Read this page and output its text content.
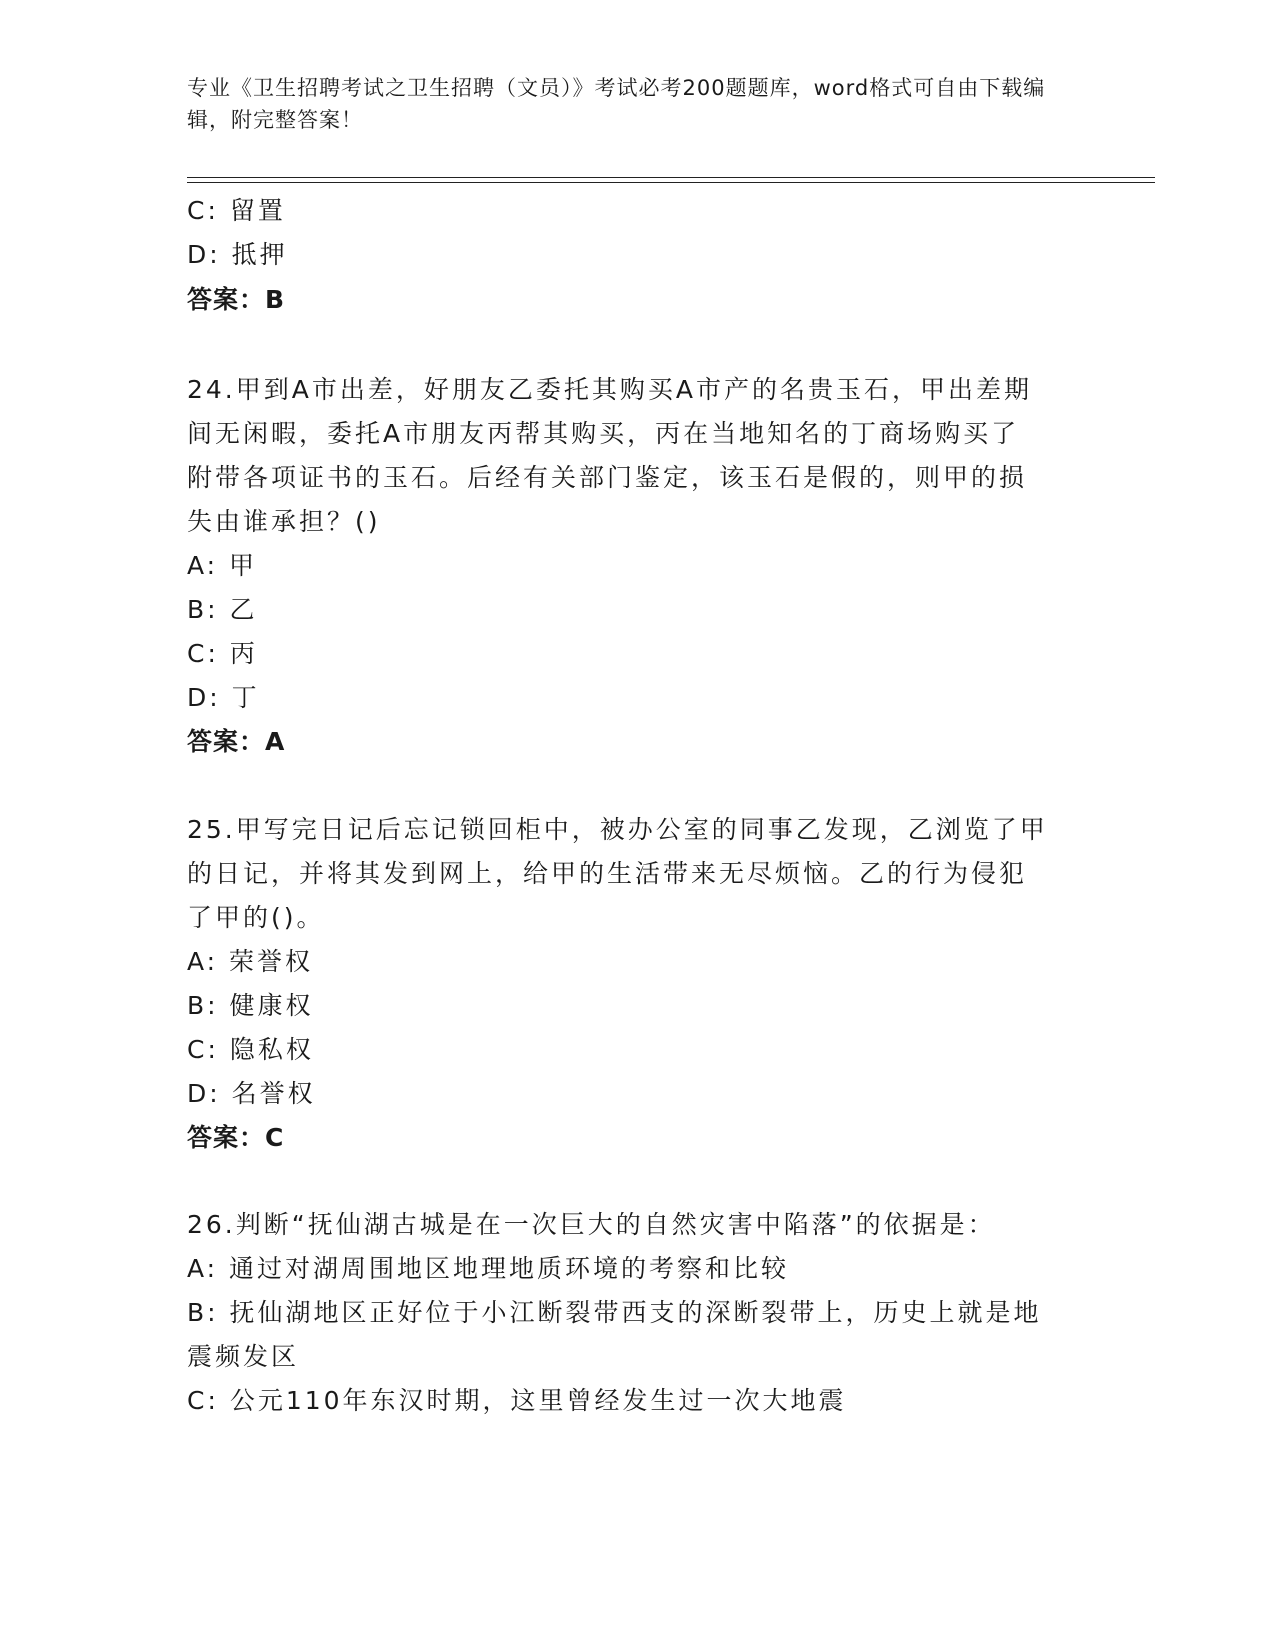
专业《卫生招聘考试之卫生招聘（文员）》考试必考200题题库，word格式可自由下载编辑，附完整答案！
C: 留置
D: 抵押
答案：B
24.甲到A市出差，好朋友乙委托其购买A市产的名贵玉石，甲出差期
间无闲暇，委托A市朋友丙帮其购买，丙在当地知名的丁商场购买了
附带各项证书的玉石。后经有关部门鉴定，该玉石是假的，则甲的损
失由谁承担？()
A: 甲
B: 乙
C: 丙
D: 丁
答案：A
25.甲写完日记后忘记锁回柜中，被办公室的同事乙发现，乙浏览了甲
的日记，并将其发到网上，给甲的生活带来无尽烦恼。乙的行为侵犯
了甲的()。
A: 荣誉权
B: 健康权
C: 隐私权
D: 名誉权
答案：C
26.判断“抚仙湖古城是在一次巨大的自然灾害中陷落”的依据是：
A: 通过对湖周围地区地理地质环境的考察和比较
B: 抚仙湖地区正好位于小江断裂带西支的深断裂带上，历史上就是地
震频发区
C: 公元110年东汉时期，这里曾经发生过一次大地震
